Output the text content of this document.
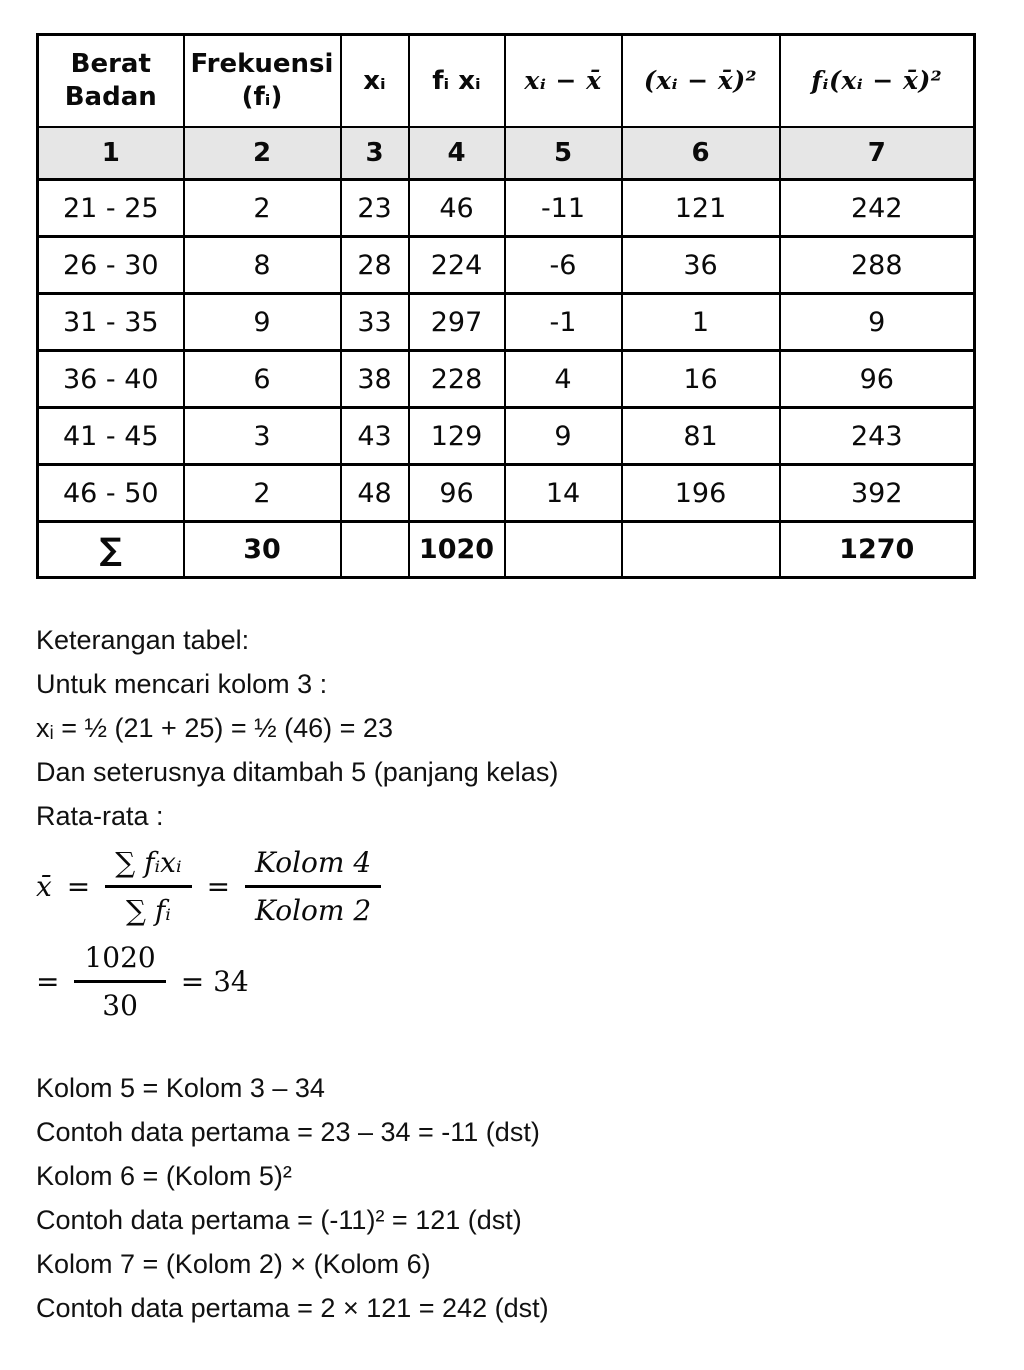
Berat Badan	Frekuensi (fᵢ)	xᵢ	fᵢ xᵢ	xᵢ − x̄	(xᵢ − x̄)²	fᵢ(xᵢ − x̄)²
1	2	3	4	5	6	7
21 - 25	2	23	46	-11	121	242
26 - 30	8	28	224	-6	36	288
31 - 35	9	33	297	-1	1	9
36 - 40	6	38	228	4	16	96
41 - 45	3	43	129	9	81	243
46 - 50	2	48	96	14	196	392
∑	30		1020			1270

Keterangan tabel:

Untuk mencari kolom 3 :

xᵢ = ½ (21 + 25) = ½ (46) = 23

Dan seterusnya ditambah 5 (panjang kelas)

Rata-rata :

x̄ = $\frac{\text{∑ fᵢxᵢ}}{\text{∑ fᵢ}} = \frac{\text{Kolom 4}}{\text{Kolom 2}}$
= $\frac{1020}{30} = 34$

Kolom 5 = Kolom 3 – 34

Contoh data pertama = 23 – 34 = -11 (dst)

Kolom 6 = (Kolom 5)²

Contoh data pertama = (-11)² = 121 (dst)

Kolom 7 = (Kolom 2) × (Kolom 6)

Contoh data pertama = 2 × 121 = 242 (dst)
